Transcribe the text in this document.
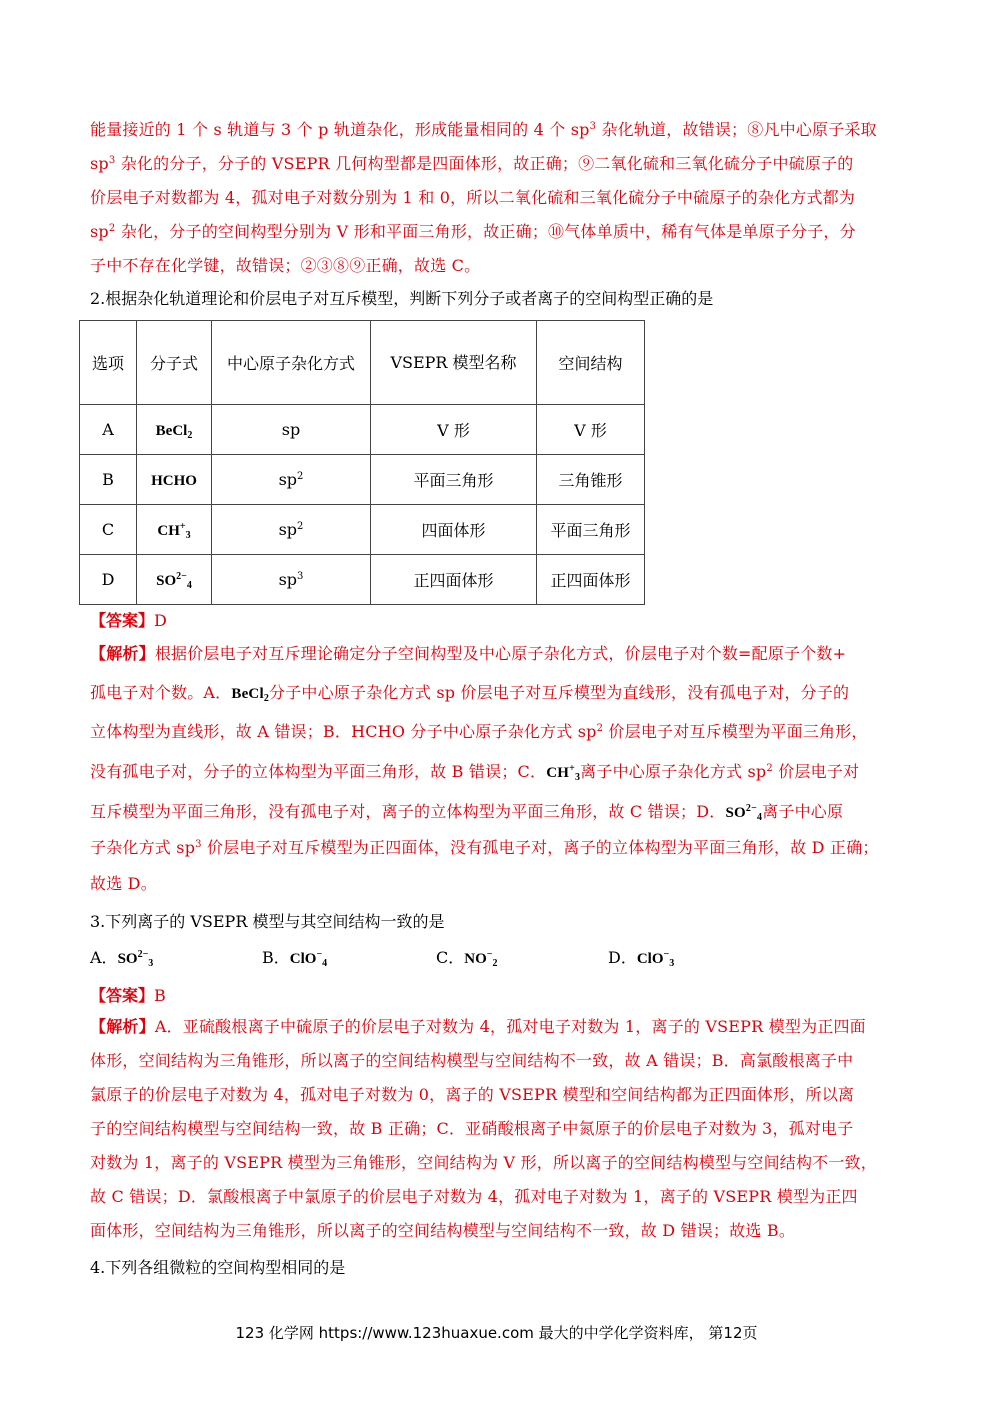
能量接近的 1 个 s 轨道与 3 个 p 轨道杂化，形成能量相同的 4 个 $sp^3$ 杂化轨道，故错误；⑧凡中心原子采取
$sp^3$ 杂化的分子，分子的 VSEPR 几何构型都是四面体形，故正确；⑨二氧化硫和三氧化硫分子中硫原子的
价层电子对数都为 4，孤对电子对数分别为 1 和 0，所以二氧化硫和三氧化硫分子中硫原子的杂化方式都为
$sp^2$ 杂化，分子的空间构型分别为 V 形和平面三角形，故正确；⑩气体单质中，稀有气体是单原子分子，分
子中不存在化学键，故错误；②③⑧⑨正确，故选 C。
2.根据杂化轨道理论和价层电子对互斥模型，判断下列分子或者离子的空间构型正确的是
选项	分子式	中心原子杂化方式	VSEPR 模型名称	空间结构
A	BeCl$_2$	sp	V 形	V 形
B	HCHO	$sp^2$	平面三角形	三角锥形
C	$CH^+_3$	$sp^2$	四面体形	平面三角形
D	$SO^{2-}_4$	$sp^3$	正四面体形	正四面体形
【答案】D
【解析】根据价层电子对互斥理论确定分子空间构型及中心原子杂化方式，价层电子对个数=配原子个数+
孤电子对个数。A．BeCl$_2$分子中心原子杂化方式 sp 价层电子对互斥模型为直线形，没有孤电子对，分子的
立体构型为直线形，故 A 错误；B．HCHO 分子中心原子杂化方式 $sp^2$ 价层电子对互斥模型为平面三角形，
没有孤电子对，分子的立体构型为平面三角形，故 B 错误；C．$CH^+_3$离子中心原子杂化方式 $sp^2$ 价层电子对
互斥模型为平面三角形，没有孤电子对，离子的立体构型为平面三角形，故 C 错误；D．$SO^{2-}_4$离子中心原
子杂化方式 $sp^3$ 价层电子对互斥模型为正四面体，没有孤电子对，离子的立体构型为平面三角形，故 D 正确；
故选 D。
3.下列离子的 VSEPR 模型与其空间结构一致的是
A．$SO^{2-}_3$	B．ClO−$_4$	C．$NO^-_2$	D．ClO−$_3$
【答案】B
【解析】A．亚硫酸根离子中硫原子的价层电子对数为 4，孤对电子对数为 1，离子的 VSEPR 模型为正四面
体形，空间结构为三角锥形，所以离子的空间结构模型与空间结构不一致，故 A 错误；B．高氯酸根离子中
氯原子的价层电子对数为 4，孤对电子对数为 0，离子的 VSEPR 模型和空间结构都为正四面体形，所以离
子的空间结构模型与空间结构一致，故 B 正确；C．亚硝酸根离子中氮原子的价层电子对数为 3，孤对电子
对数为 1，离子的 VSEPR 模型为三角锥形，空间结构为 V 形，所以离子的空间结构模型与空间结构不一致，
故 C 错误；D．氯酸根离子中氯原子的价层电子对数为 4，孤对电子对数为 1，离子的 VSEPR 模型为正四
面体形，空间结构为三角锥形，所以离子的空间结构模型与空间结构不一致，故 D 错误；故选 B。
4.下列各组微粒的空间构型相同的是
123 化学网 https://www.123huaxue.com 最大的中学化学资料库， 第12页
